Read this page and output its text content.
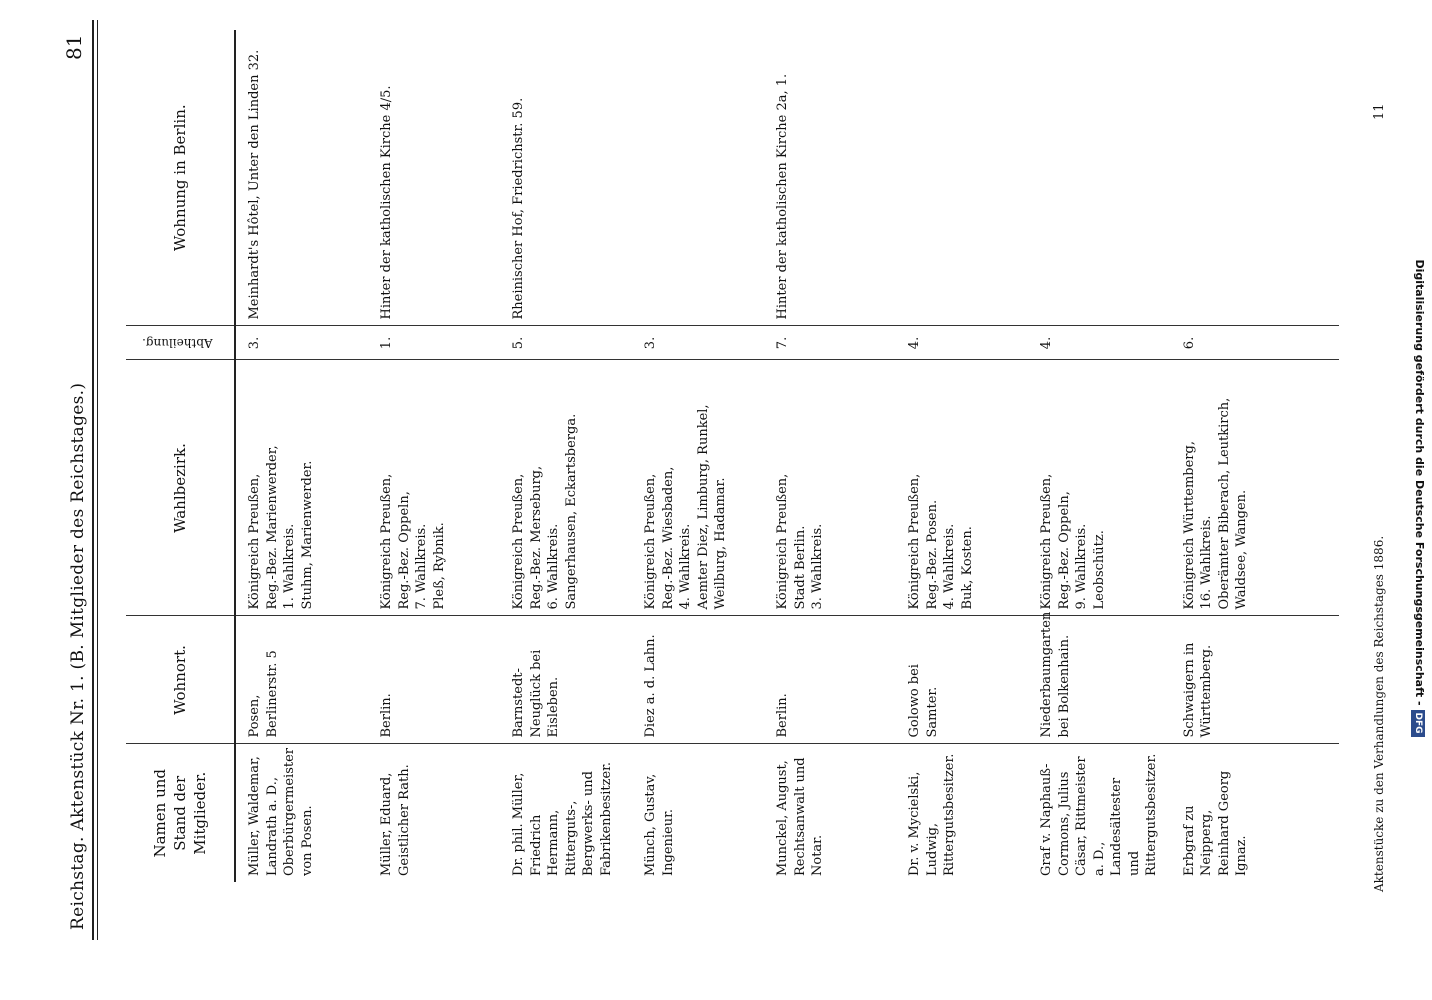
Reichstag. Aktenstück Nr. 1. (B. Mitglieder des Reichstages.)
81
Namen und Stand der Mitglieder.	Wohnort.	Wahlbezirk.	Abtheilung.	Wohnung in Berlin.
Müller, Waldemar, Landrath a. D., Oberbürgermeister von Posen.	Posen, Berlinerstr. 5	Königreich Preußen,
Reg.-Bez. Marienwerder,
1. Wahlkreis.
Stuhm, Marienwerder.	3.	Meinhardt's Hôtel, Unter den Linden 32.
Müller, Eduard, Geistlicher Rath.	Berlin.	Königreich Preußen,
Reg.-Bez. Oppeln,
7. Wahlkreis.
Pleß, Rybnik.	1.	Hinter der katholischen Kirche 4/5.
Dr. phil. Müller, Friedrich Hermann, Ritterguts-, Bergwerks- und Fabrikenbesitzer.	Barnstedt-Neuglück bei Eisleben.	Königreich Preußen,
Reg.-Bez. Merseburg,
6. Wahlkreis.
Sangerhausen, Eckartsberga.	5.	Rheinischer Hof, Friedrichstr. 59.
Münch, Gustav, Ingenieur.	Diez a. d. Lahn.	Königreich Preußen,
Reg.-Bez. Wiesbaden,
4. Wahlkreis.
Aemter Diez, Limburg, Runkel, Weilburg, Hadamar.	3.	
Munckel, August, Rechtsanwalt und Notar.	Berlin.	Königreich Preußen,
Stadt Berlin.
3. Wahlkreis.	7.	Hinter der katholischen Kirche 2a, 1.
Dr. v. Mycielski, Ludwig, Rittergutsbesitzer.	Golowo bei Samter.	Königreich Preußen,
Reg.-Bez. Posen.
4. Wahlkreis.
Buk, Kosten.	4.	
Graf v. Naphauß-Cormons, Julius Cäsar, Rittmeister a. D., Landesältester und Rittergutsbesitzer.	Niederbaumgarten bei Bolkenhain.	Königreich Preußen,
Reg.-Bez. Oppeln,
9. Wahlkreis.
Leobschütz.	4.	
Erbgraf zu Neipperg, Reinhard Georg Ignaz.	Schwaigern in Württemberg.	Königreich Württemberg,
16. Wahlkreis.
Oberämter Biberach, Leutkirch, Waldsee, Wangen.	6.	
Aktenstücke zu den Verhandlungen des Reichstages 1886.
11
Digitalisierung gefördert durch die Deutsche Forschungsgemeinschaft -DFG
